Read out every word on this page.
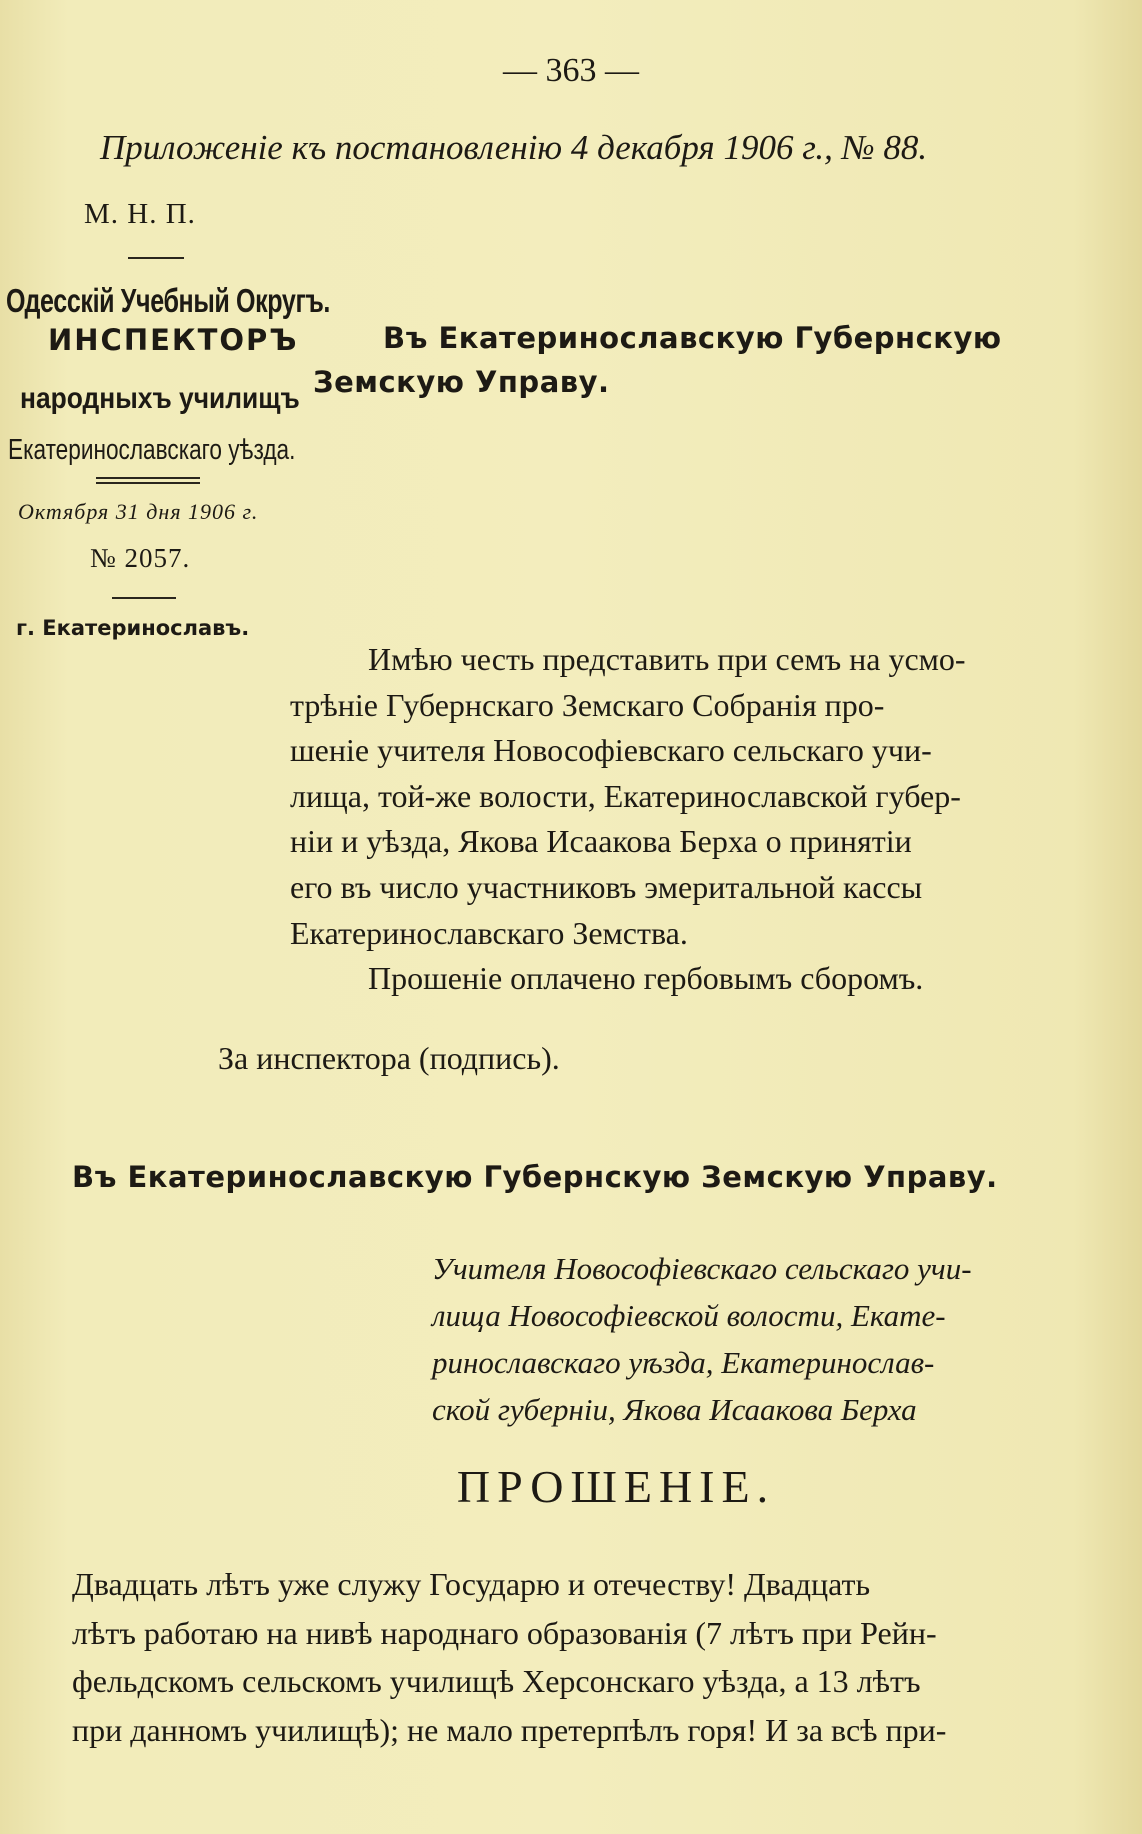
— 363 —
Приложеніе къ постановленію 4 декабря 1906 г., № 88.
М. Н. П.
Одесскій Учебный Округъ.
ИНСПЕКТОРЪ
народныхъ училищъ
Екатеринославскаго уѣзда.
Октября 31 дня 1906 г.
№ 2057.
г. Екатеринославъ.
Въ Екатеринославскую Губернскую
Земскую Управу.

Имѣю честь представить при семъ на усмо-

трѣніе Губернскаго Земскаго Собранія про-

шеніе учителя Новософіевскаго сельскаго учи-

лища, той-же волости, Екатеринославской губер-

ніи и уѣзда, Якова Исаакова Берха о принятіи

его въ число участниковъ эмеритальной кассы

Екатеринославскаго Земства.

Прошеніе оплачено гербовымъ сборомъ.

За инспектора (подпись).
Въ Екатеринославскую Губернскую Земскую Управу.

Учителя Новософіевскаго сельскаго учи-

лища Новософіевской волости, Екате-

ринославскаго уѣзда, Екатеринослав-

ской губерніи, Якова Исаакова Берха

ПРОШЕНІЕ.

Двадцать лѣтъ уже служу Государю и отечеству! Двадцать

лѣтъ работаю на нивѣ народнаго образованія (7 лѣтъ при Рейн-

фельдскомъ сельскомъ училищѣ Херсонскаго уѣзда, а 13 лѣтъ

при данномъ училищѣ); не мало претерпѣлъ горя! И за всѣ при-
